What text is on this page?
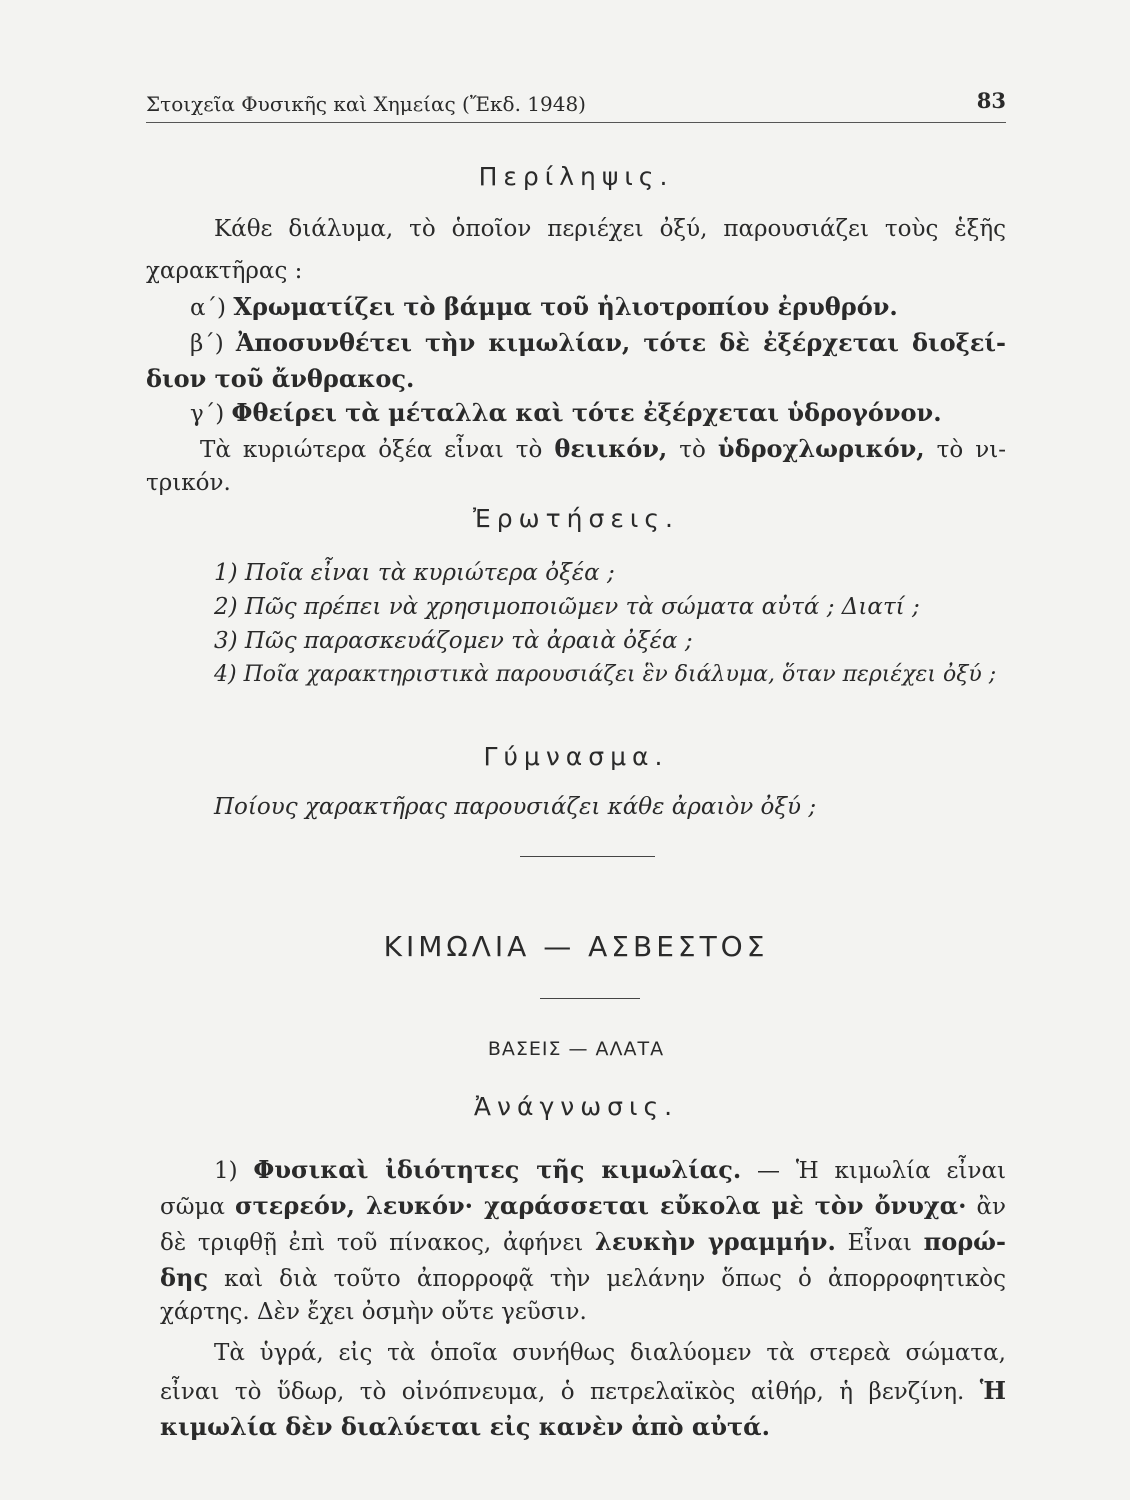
Στοιχεῖα Φυσικῆς καὶ Χημείας (Ἔκδ. 1948)	83
Περίληψις.
Κάθε διάλυμα, τὸ ὁποῖον περιέχει ὀξύ, παρουσιάζει τοὺς ἑξῆς
χαρακτῆρας :
α΄) Χρωματίζει τὸ βάμμα τοῦ ἡλιοτροπίου ἐρυθρόν.
β΄) Ἀποσυνθέτει τὴν κιμωλίαν, τότε δὲ ἐξέρχεται διοξεί-
διον τοῦ ἄνθρακος.
γ΄) Φθείρει τὰ μέταλλα καὶ τότε ἐξέρχεται ὑδρογόνον.
Τὰ κυριώτερα ὀξέα εἶναι τὸ θειικόν, τὸ ὑδροχλωρικόν, τὸ νι-
τρικόν.
Ἐρωτήσεις.
1) Ποῖα εἶναι τὰ κυριώτερα ὀξέα ;
2) Πῶς πρέπει νὰ χρησιμοποιῶμεν τὰ σώματα αὐτά ; Διατί ;
3) Πῶς παρασκευάζομεν τὰ ἀραιὰ ὀξέα ;
4) Ποῖα χαρακτηριστικὰ παρουσιάζει ἓν διάλυμα, ὅταν περιέχει ὀξύ ;
Γύμνασμα.
Ποίους χαρακτῆρας παρουσιάζει κάθε ἀραιὸν ὀξύ ;
ΚΙΜΩΛΙΑ — ΑΣΒΕΣΤΟΣ
ΒΑΣΕΙΣ — ΑΛΑΤΑ
Ἀνάγνωσις.
1) Φυσικαὶ ἰδιότητες τῆς κιμωλίας. — Ἡ κιμωλία εἶναι
σῶμα στερεόν, λευκόν· χαράσσεται εὔκολα μὲ τὸν ὄνυχα· ἂν
δὲ τριφθῇ ἐπὶ τοῦ πίνακος, ἀφήνει λευκὴν γραμμήν. Εἶναι πορώ-
δης καὶ διὰ τοῦτο ἀπορροφᾷ τὴν μελάνην ὅπως ὁ ἀπορροφητικὸς
χάρτης. Δὲν ἔχει ὀσμὴν οὔτε γεῦσιν.
Τὰ ὑγρά, εἰς τὰ ὁποῖα συνήθως διαλύομεν τὰ στερεὰ σώματα,
εἶναι τὸ ὕδωρ, τὸ οἰνόπνευμα, ὁ πετρελαϊκὸς αἰθήρ, ἡ βενζίνη. Ἡ
κιμωλία δὲν διαλύεται εἰς κανὲν ἀπὸ αὐτά.
